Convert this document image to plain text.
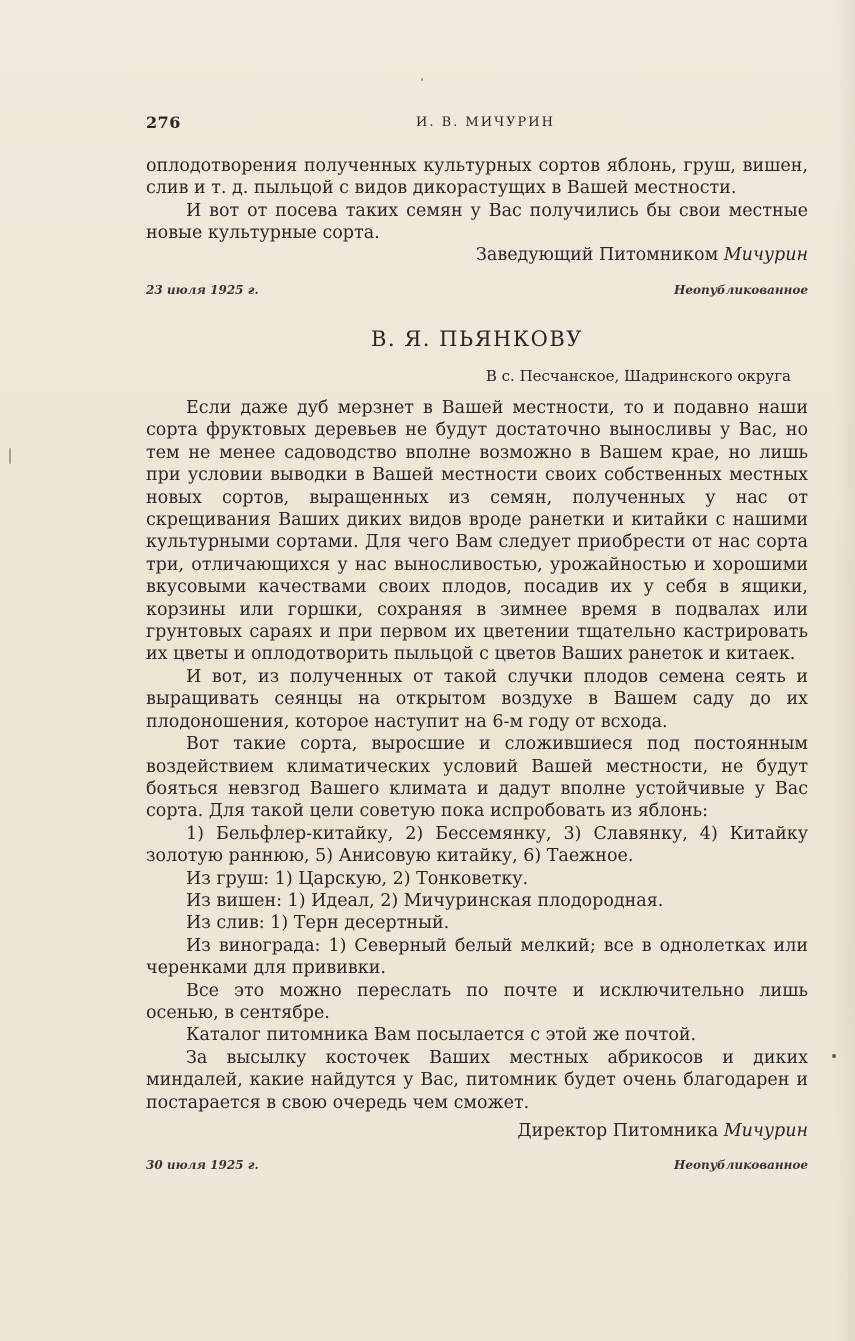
276	И. В. МИЧУРИН

оплодотворения полученных культурных сортов яблонь, груш, вишен, слив и т. д. пыльцой с видов дикорастущих в Вашей местности.

И вот от посева таких семян у Вас получились бы свои местные новые культурные сорта.

Заведующий Питомником Мичурин
23 июля 1925 г.	Неопубликованное
В. Я. ПЬЯНКОВУ
В с. Песчанское, Шадринского округа

Если даже дуб мерзнет в Вашей местности, то и подавно наши сорта фруктовых деревьев не будут достаточно выносливы у Вас, но тем не менее садоводство вполне возможно в Вашем крае, но лишь при условии выводки в Вашей местности своих собственных местных новых сортов, выращенных из семян, полученных у нас от скрещивания Ваших диких видов вроде ранетки и китайки с нашими культурными сортами. Для чего Вам следует приобрести от нас сорта три, отличающихся у нас выносливостью, урожайностью и хорошими вкусовыми качествами своих плодов, посадив их у себя в ящики, корзины или горшки, сохраняя в зимнее время в подвалах или грунтовых сараях и при первом их цветении тщательно кастрировать их цветы и оплодотворить пыльцой с цветов Ваших ранеток и китаек.

И вот, из полученных от такой случки плодов семена сеять и выращивать сеянцы на открытом воздухе в Вашем саду до их плодоношения, которое наступит на 6-м году от всхода.

Вот такие сорта, выросшие и сложившиеся под постоянным воздействием климатических условий Вашей местности, не будут бояться невзгод Вашего климата и дадут вполне устойчивые у Вас сорта. Для такой цели советую пока испробовать из яблонь:

1) Бельфлер-китайку, 2) Бессемянку, 3) Славянку, 4) Китайку золотую раннюю, 5) Анисовую китайку, 6) Таежное.

Из груш: 1) Царскую, 2) Тонковетку.

Из вишен: 1) Идеал, 2) Мичуринская плодородная.

Из слив: 1) Терн десертный.

Из винограда: 1) Северный белый мелкий; все в однолетках или черенками для прививки.

Все это можно переслать по почте и исключительно лишь осенью, в сентябре.

Каталог питомника Вам посылается с этой же почтой.

За высылку косточек Ваших местных абрикосов и диких миндалей, какие найдутся у Вас, питомник будет очень благодарен и постарается в свою очередь чем сможет.

Директор Питомника Мичурин
30 июля 1925 г.	Неопубликованное
